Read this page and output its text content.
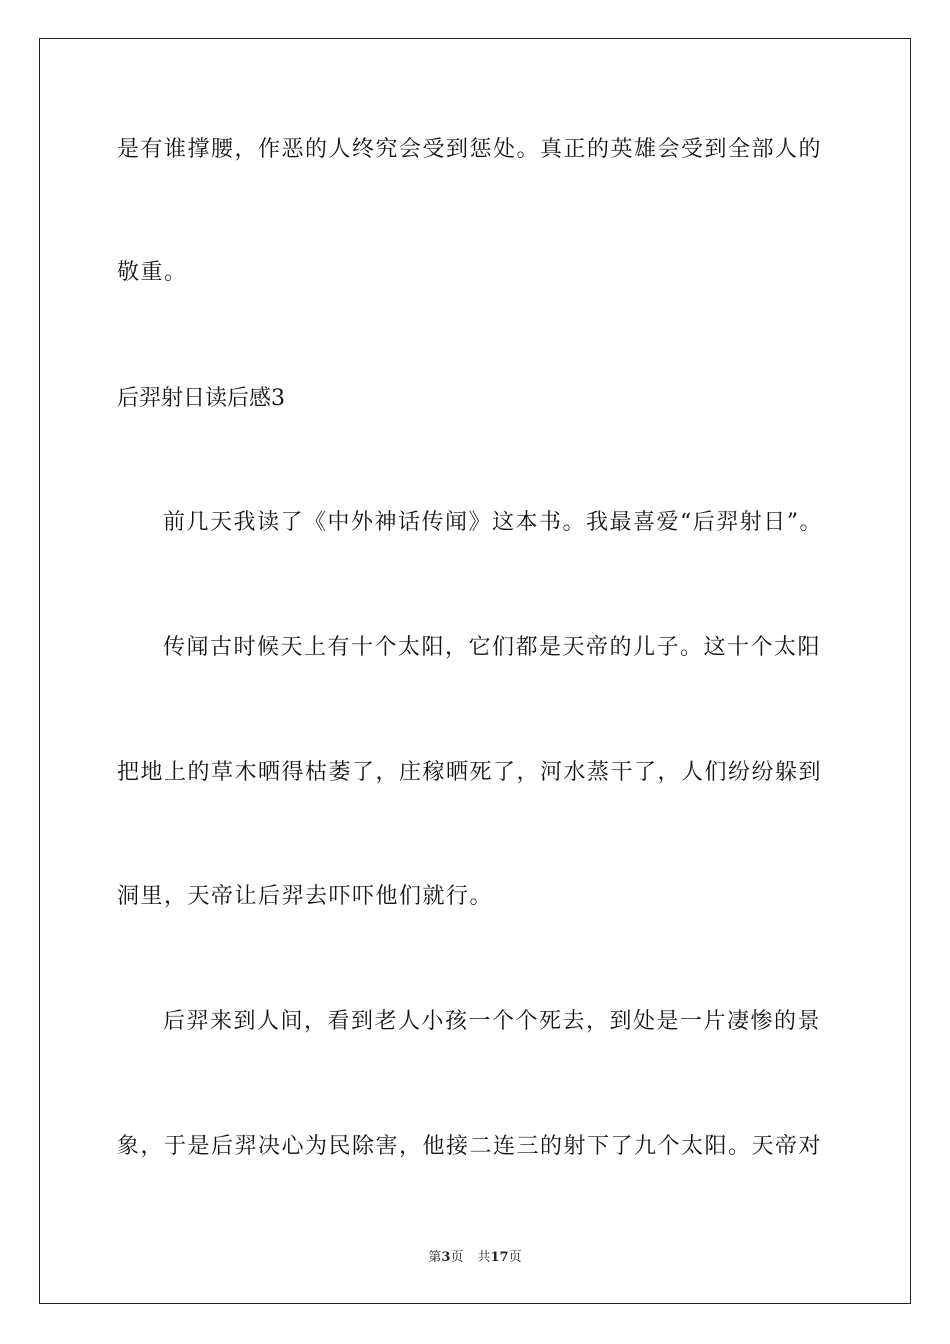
是有谁撑腰，作恶的人终究会受到惩处。真正的英雄会受到全部人的
敬重。
后羿射日读后感3
前几天我读了《中外神话传闻》这本书。我最喜爱“后羿射日”。
传闻古时候天上有十个太阳，它们都是天帝的儿子。这十个太阳
把地上的草木晒得枯萎了，庄稼晒死了，河水蒸干了，人们纷纷躲到
洞里，天帝让后羿去吓吓他们就行。
后羿来到人间，看到老人小孩一个个死去，到处是一片凄惨的景
象，于是后羿决心为民除害，他接二连三的射下了九个太阳。天帝对
第3页 共17页
